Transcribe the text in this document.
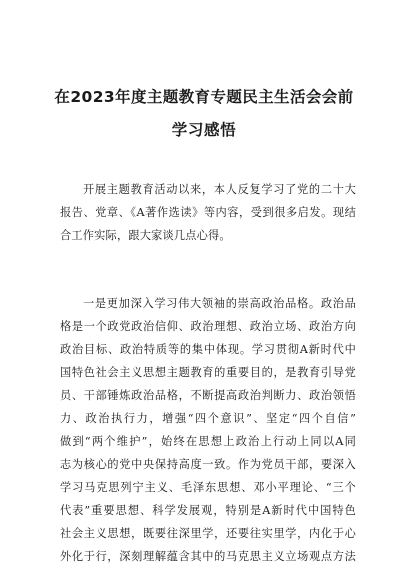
在2023年度主题教育专题民主生活会会前
学习感悟
开展主题教育活动以来，本人反复学习了党的二十大
报告、党章、《A著作选读》等内容，受到很多启发。现结
合工作实际，跟大家谈几点心得。
一是更加深入学习伟大领袖的崇高政治品格。政治品
格是一个政党政治信仰、政治理想、政治立场、政治方向
政治目标、政治特质等的集中体现。学习贯彻A新时代中
国特色社会主义思想主题教育的重要目的，是教育引导党
员、干部锤炼政治品格，不断提高政治判断力、政治领悟
力、政治执行力，增强“四个意识”、坚定“四个自信”
做到“两个维护”，始终在思想上政治上行动上同以A同
志为核心的党中央保持高度一致。作为党员干部，要深入
学习马克思列宁主义、毛泽东思想、邓小平理论、“三个
代表”重要思想、科学发展观，特别是A新时代中国特色
社会主义思想，既要往深里学，还要往实里学，内化于心
外化于行，深刻理解蕴含其中的马克思主义立场观点方法
